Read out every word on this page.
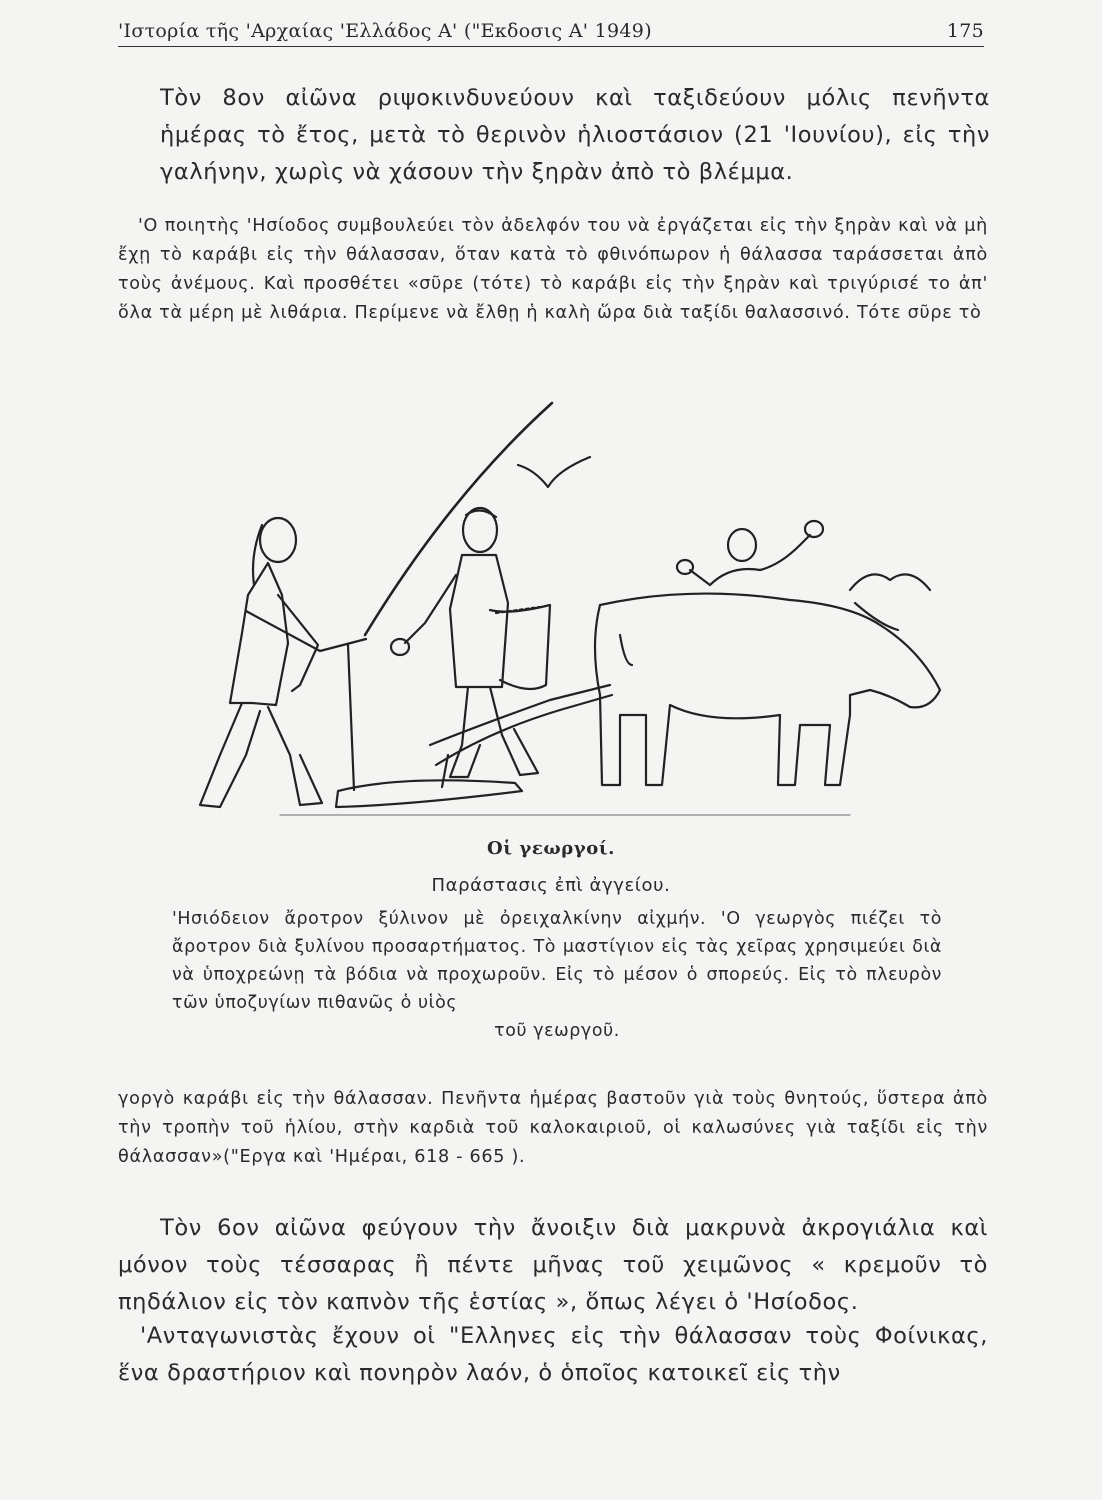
'Ιστορία τῆς 'Αρχαίας 'Ελλάδος Α' ("Εκδοσις Α' 1949)	175
Τὸν 8ον αἰῶνα ριψοκινδυνεύουν καὶ ταξιδεύουν μόλις πενῆντα ἡμέρας τὸ ἔτος, μετὰ τὸ θερινὸν ἡλιοστάσιον (21 'Ιουνίου), εἰς τὴν γαλήνην, χωρὶς νὰ χάσουν τὴν ξηρὰν ἀπὸ τὸ βλέμμα.
'Ο ποιητὴς 'Ησίοδος συμβουλεύει τὸν ἀδελφόν του νὰ ἐργάζεται εἰς τὴν ξηρὰν καὶ νὰ μὴ ἔχῃ τὸ καράβι εἰς τὴν θάλασσαν, ὅταν κατὰ τὸ φθινόπωρον ἡ θάλασσα ταράσσεται ἀπὸ τοὺς ἀνέμους. Καὶ προσθέτει «σῦρε (τότε) τὸ καράβι εἰς τὴν ξηρὰν καὶ τριγύρισέ το ἀπ' ὅλα τὰ μέρη μὲ λιθάρια. Περίμενε νὰ ἔλθῃ ἡ καλὴ ὥρα διὰ ταξίδι θαλασσινό. Τότε σῦρε τὸ
Οἱ γεωργοί.
Παράστασις ἐπὶ ἀγγείου.
'Ησιόδειον ἄροτρον ξύλινον μὲ ὀρειχαλκίνην αἰχμήν. 'Ο γεωργὸς πιέζει τὸ ἄροτρον διὰ ξυλίνου προσαρτήματος. Τὸ μαστίγιον εἰς τὰς χεῖρας χρησιμεύει διὰ νὰ ὑποχρεώνῃ τὰ βόδια νὰ προχωροῦν. Εἰς τὸ μέσον ὁ σπορεύς. Εἰς τὸ πλευρὸν τῶν ὑποζυγίων πιθανῶς ὁ υἱὸς
τοῦ γεωργοῦ.
γοργὸ καράβι εἰς τὴν θάλασσαν. Πενῆντα ἡμέρας βαστοῦν γιὰ τοὺς θνητούς, ὕστερα ἀπὸ τὴν τροπὴν τοῦ ἡλίου, στὴν καρδιὰ τοῦ καλοκαιριοῦ, οἱ καλωσύνες γιὰ ταξίδι εἰς τὴν θάλασσαν»("Εργα καὶ 'Ημέραι, 618 - 665 ).
Τὸν 6ον αἰῶνα φεύγουν τὴν ἄνοιξιν διὰ μακρυνὰ ἀκρογιάλια καὶ μόνον τοὺς τέσσαρας ἢ πέντε μῆνας τοῦ χειμῶνος « κρεμοῦν τὸ πηδάλιον εἰς τὸν καπνὸν τῆς ἑστίας », ὅπως λέγει ὁ 'Ησίοδος.
'Ανταγωνιστὰς ἔχουν οἱ "Ελληνες εἰς τὴν θάλασσαν τοὺς Φοίνικας, ἕνα δραστήριον καὶ πονηρὸν λαόν, ὁ ὁποῖος κατοικεῖ εἰς τὴν
